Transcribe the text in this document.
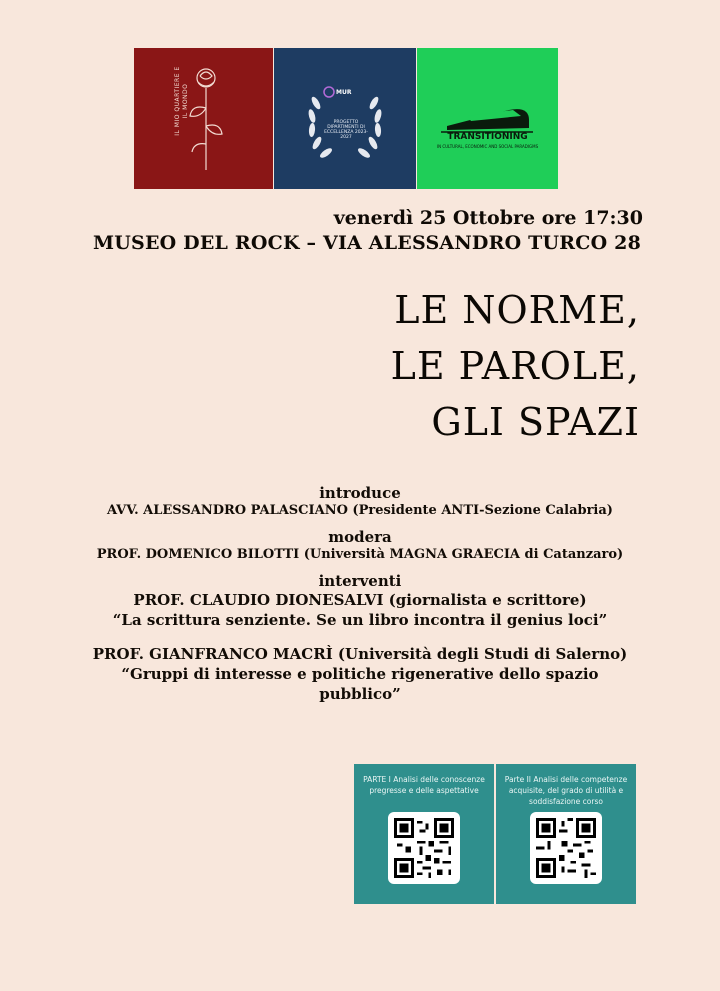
IL MIO QUARTIERE E IL MONDO	MUR
PROGETTO DIPARTIMENTI DI ECCELLENZA 2023-2027	TRANSITIONING
IN CULTURAL, ECONOMIC AND SOCIAL PARADIGMS
venerdì 25 Ottobre ore 17:30
MUSEO DEL ROCK – VIA ALESSANDRO TURCO 28
LE NORME,
LE PAROLE,
GLI SPAZI
introduce
AVV. ALESSANDRO PALASCIANO (Presidente ANTI-Sezione Calabria)
modera
PROF. DOMENICO BILOTTI (Università MAGNA GRAECIA di Catanzaro)
interventi
PROF. CLAUDIO DIONESALVI (giornalista e scrittore)
“La scrittura senziente. Se un libro incontra il genius loci”
PROF. GIANFRANCO MACRÌ (Università degli Studi di Salerno)
“Gruppi di interesse e politiche rigenerative dello spazio
pubblico”
PARTE I Analisi delle conoscenze pregresse e delle aspettative
Parte II Analisi delle competenze acquisite, del grado di utilità e soddisfazione corso
